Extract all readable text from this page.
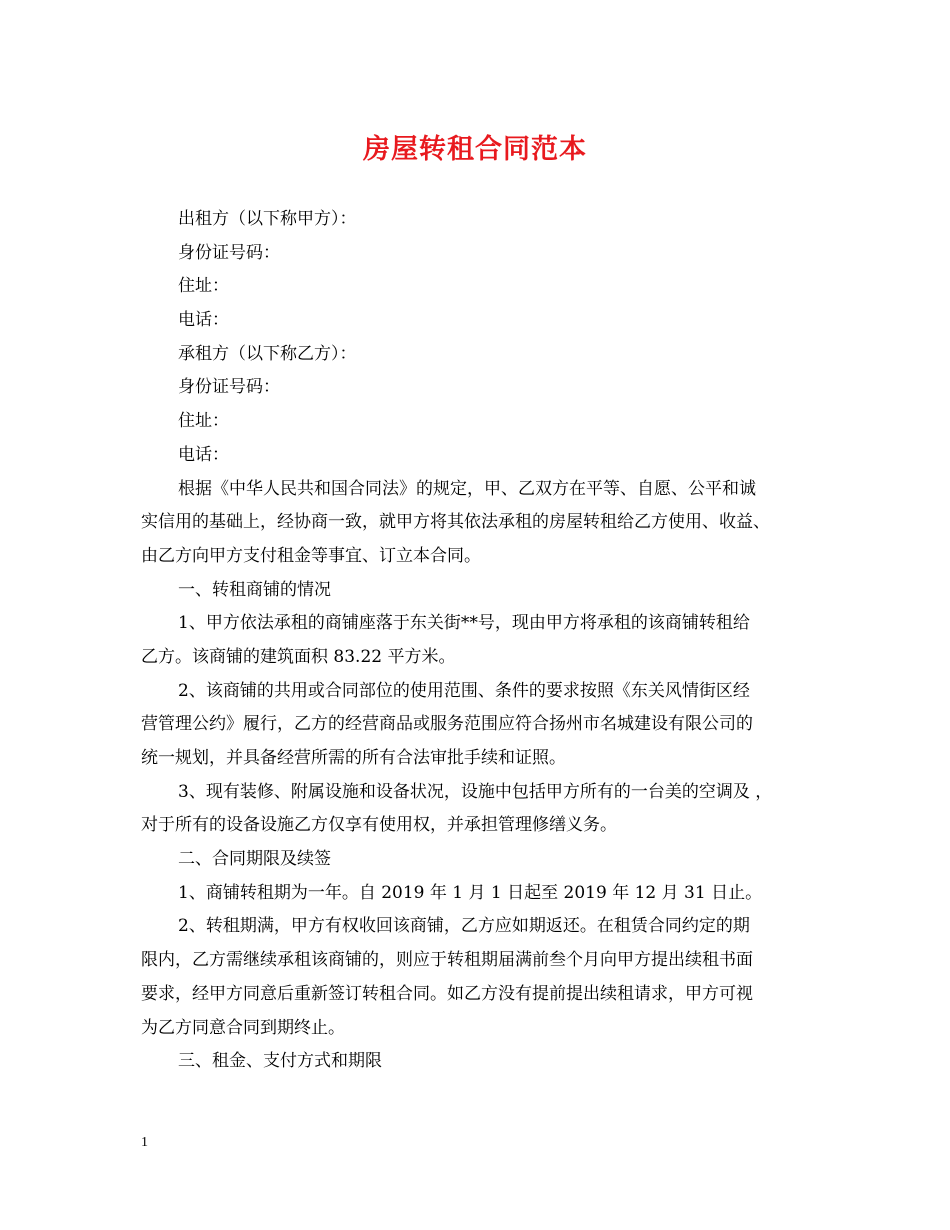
房屋转租合同范本
出租方（以下称甲方）：
身份证号码：
住址：
电话：
承租方（以下称乙方）：
身份证号码：
住址：
电话：
根据《中华人民共和国合同法》的规定，甲、乙双方在平等、自愿、公平和诚
实信用的基础上，经协商一致，就甲方将其依法承租的房屋转租给乙方使用、收益、
由乙方向甲方支付租金等事宜、订立本合同。
一、转租商铺的情况
1、甲方依法承租的商铺座落于东关街**号，现由甲方将承租的该商铺转租给
乙方。该商铺的建筑面积 83.22 平方米。
2、该商铺的共用或合同部位的使用范围、条件的要求按照《东关风情街区经
营管理公约》履行，乙方的经营商品或服务范围应符合扬州市名城建设有限公司的
统一规划，并具备经营所需的所有合法审批手续和证照。
3、现有装修、附属设施和设备状况，设施中包括甲方所有的一台美的空调及 ，
对于所有的设备设施乙方仅享有使用权，并承担管理修缮义务。
二、合同期限及续签
1、商铺转租期为一年。自 2019 年 1 月 1 日起至 2019 年 12 月 31 日止。
2、转租期满，甲方有权收回该商铺，乙方应如期返还。在租赁合同约定的期
限内，乙方需继续承租该商铺的，则应于转租期届满前叁个月向甲方提出续租书面
要求，经甲方同意后重新签订转租合同。如乙方没有提前提出续租请求，甲方可视
为乙方同意合同到期终止。
三、租金、支付方式和期限
1
